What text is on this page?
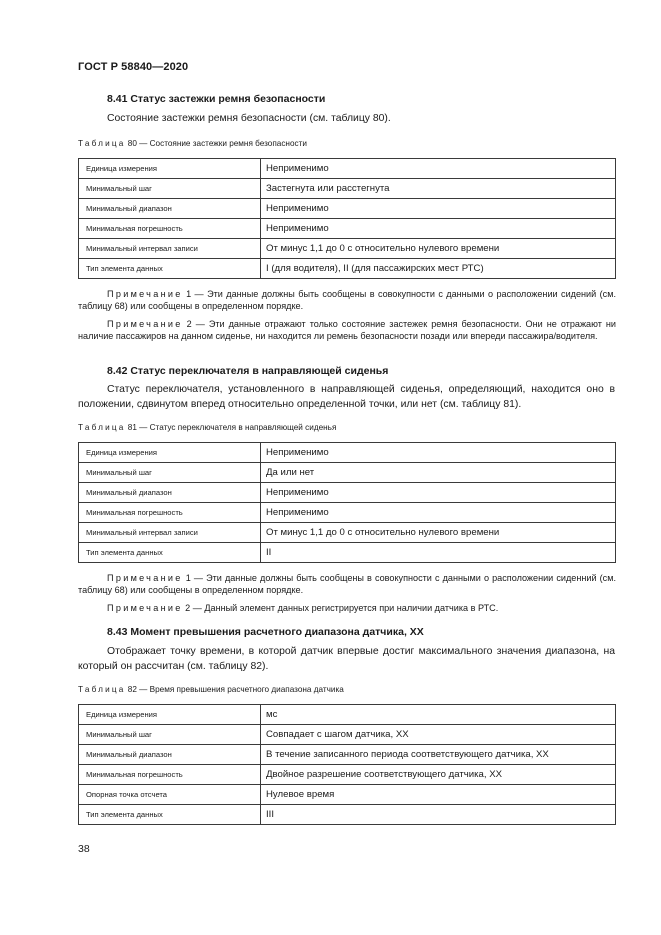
ГОСТ Р 58840—2020
8.41 Статус застежки ремня безопасности
Состояние застежки ремня безопасности (см. таблицу 80).
Таблица 80 — Состояние застежки ремня безопасности
Единица измерения	Неприменимо
Минимальный шаг	Застегнута или расстегнута
Минимальный диапазон	Неприменимо
Минимальная погрешность	Неприменимо
Минимальный интервал записи	От минус 1,1 до 0 с относительно нулевого времени
Тип элемента данных	I (для водителя), II (для пассажирских мест РТС)
Примечание 1 — Эти данные должны быть сообщены в совокупности с данными о расположении сидений (см. таблицу 68) или сообщены в определенном порядке.
Примечание 2 — Эти данные отражают только состояние застежек ремня безопасности. Они не отражают ни наличие пассажиров на данном сиденье, ни находится ли ремень безопасности позади или впереди пассажира/водителя.
8.42 Статус переключателя в направляющей сиденья
Статус переключателя, установленного в направляющей сиденья, определяющий, находится оно в положении, сдвинутом вперед относительно определенной точки, или нет (см. таблицу 81).
Таблица 81 — Статус переключателя в направляющей сиденья
Единица измерения	Неприменимо
Минимальный шаг	Да или нет
Минимальный диапазон	Неприменимо
Минимальная погрешность	Неприменимо
Минимальный интервал записи	От минус 1,1 до 0 с относительно нулевого времени
Тип элемента данных	II
Примечание 1 — Эти данные должны быть сообщены в совокупности с данными о расположении сиденний (см. таблицу 68) или сообщены в определенном порядке.
Примечание 2 — Данный элемент данных регистрируется при наличии датчика в РТС.
8.43 Момент превышения расчетного диапазона датчика, XX
Отображает точку времени, в которой датчик впервые достиг максимального значения диапазона, на который он рассчитан (см. таблицу 82).
Таблица 82 — Время превышения расчетного диапазона датчика
Единица измерения	мс
Минимальный шаг	Совпадает с шагом датчика, XX
Минимальный диапазон	В течение записанного периода соответствующего датчика, XX
Минимальная погрешность	Двойное разрешение соответствующего датчика, XX
Опорная точка отсчета	Нулевое время
Тип элемента данных	III
38
